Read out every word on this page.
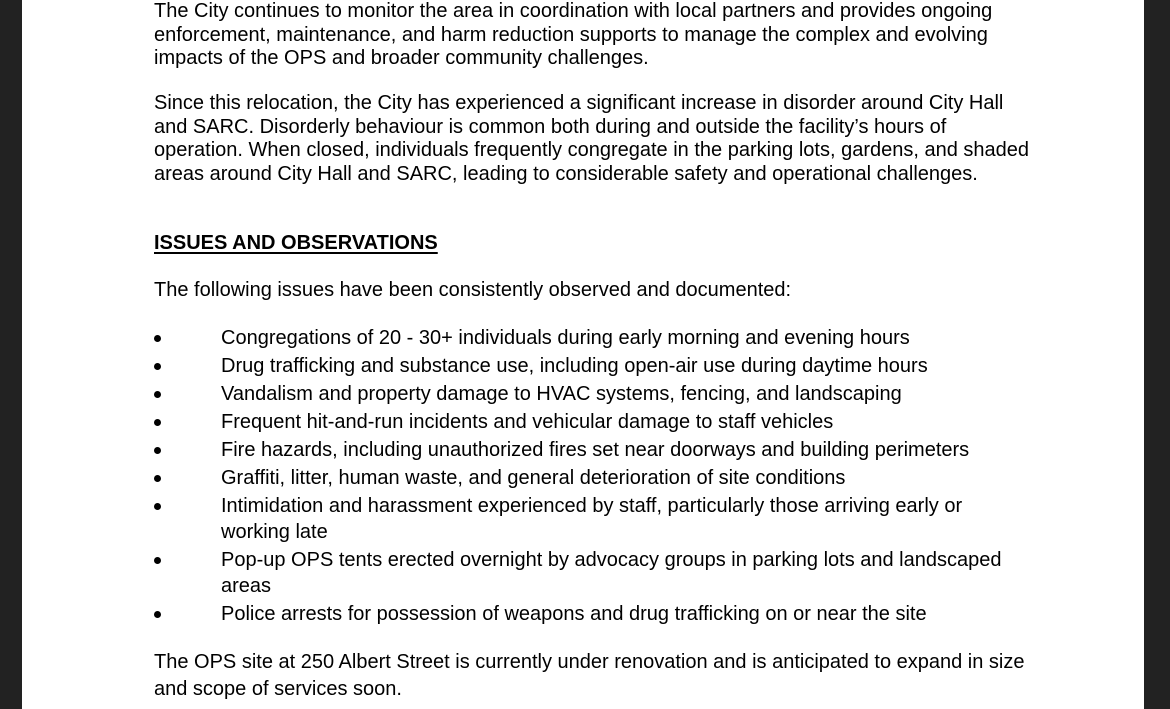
The City continues to monitor the area in coordination with local partners and provides ongoing enforcement, maintenance, and harm reduction supports to manage the complex and evolving impacts of the OPS and broader community challenges.

Since this relocation, the City has experienced a significant increase in disorder around City Hall and SARC. Disorderly behaviour is common both during and outside the facility’s hours of operation. When closed, individuals frequently congregate in the parking lots, gardens, and shaded areas around City Hall and SARC, leading to considerable safety and operational challenges.

ISSUES AND OBSERVATIONS

The following issues have been consistently observed and documented:

Congregations of 20 - 30+ individuals during early morning and evening hours
Drug trafficking and substance use, including open-air use during daytime hours
Vandalism and property damage to HVAC systems, fencing, and landscaping
Frequent hit-and-run incidents and vehicular damage to staff vehicles
Fire hazards, including unauthorized fires set near doorways and building perimeters
Graffiti, litter, human waste, and general deterioration of site conditions
Intimidation and harassment experienced by staff, particularly those arriving early or working late
Pop-up OPS tents erected overnight by advocacy groups in parking lots and landscaped areas
Police arrests for possession of weapons and drug trafficking on or near the site

The OPS site at 250 Albert Street is currently under renovation and is anticipated to expand in size and scope of services soon.
